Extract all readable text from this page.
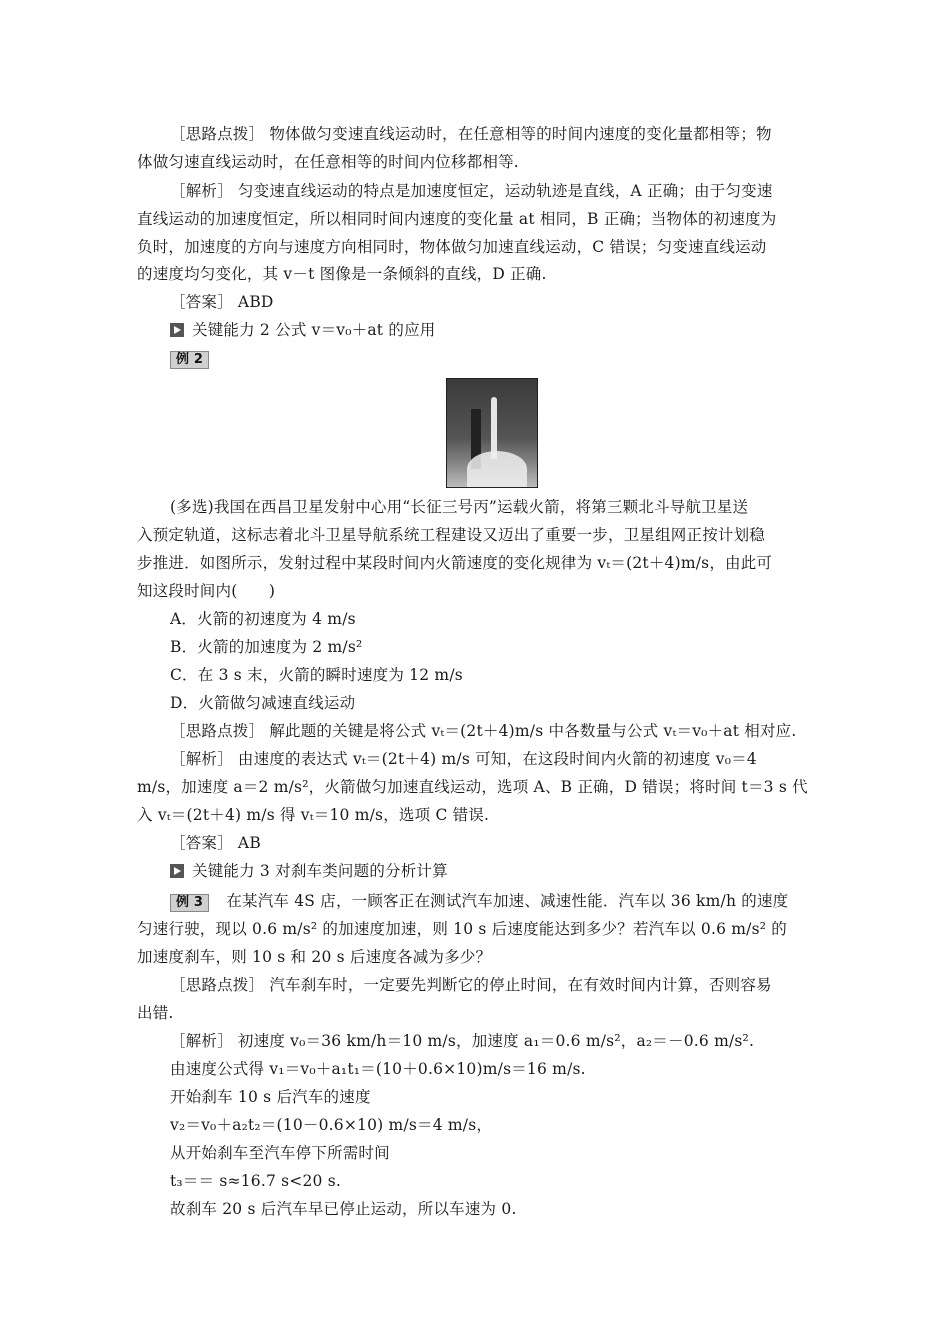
［思路点拨］ 物体做匀变速直线运动时，在任意相等的时间内速度的变化量都相等；物
体做匀速直线运动时，在任意相等的时间内位移都相等.
［解析］ 匀变速直线运动的特点是加速度恒定，运动轨迹是直线，A 正确；由于匀变速
直线运动的加速度恒定，所以相同时间内速度的变化量 at 相同，B 正确；当物体的初速度为
负时，加速度的方向与速度方向相同时，物体做匀加速直线运动，C 错误；匀变速直线运动
的速度均匀变化，其 v－t 图像是一条倾斜的直线，D 正确.
［答案］ ABD
关键能力 2 公式 v＝v₀＋at 的应用
例 2
(多选)我国在西昌卫星发射中心用“长征三号丙”运载火箭，将第三颗北斗导航卫星送
入预定轨道，这标志着北斗卫星导航系统工程建设又迈出了重要一步，卫星组网正按计划稳
步推进．如图所示，发射过程中某段时间内火箭速度的变化规律为 vₜ＝(2t＋4)m/s，由此可
知这段时间内(　　)
A．火箭的初速度为 4 m/s
B．火箭的加速度为 2 m/s²
C．在 3 s 末，火箭的瞬时速度为 12 m/s
D．火箭做匀减速直线运动
［思路点拨］ 解此题的关键是将公式 vₜ＝(2t＋4)m/s 中各数量与公式 vₜ＝v₀＋at 相对应.
［解析］ 由速度的表达式 vₜ＝(2t＋4) m/s 可知，在这段时间内火箭的初速度 v₀＝4
m/s，加速度 a＝2 m/s²，火箭做匀加速直线运动，选项 A、B 正确，D 错误；将时间 t＝3 s 代
入 vₜ＝(2t＋4) m/s 得 vₜ＝10 m/s，选项 C 错误.
［答案］ AB
关键能力 3 对刹车类问题的分析计算
例 3 在某汽车 4S 店，一顾客正在测试汽车加速、减速性能．汽车以 36 km/h 的速度
匀速行驶，现以 0.6 m/s² 的加速度加速，则 10 s 后速度能达到多少？若汽车以 0.6 m/s² 的
加速度刹车，则 10 s 和 20 s 后速度各减为多少？
［思路点拨］ 汽车刹车时，一定要先判断它的停止时间，在有效时间内计算，否则容易
出错.
［解析］ 初速度 v₀＝36 km/h＝10 m/s，加速度 a₁＝0.6 m/s²，a₂＝－0.6 m/s².
由速度公式得 v₁＝v₀＋a₁t₁＝(10＋0.6×10)m/s＝16 m/s.
开始刹车 10 s 后汽车的速度
v₂＝v₀＋a₂t₂＝(10－0.6×10) m/s＝4 m/s，
从开始刹车至汽车停下所需时间
t₃＝＝ s≈16.7 s<20 s.
故刹车 20 s 后汽车早已停止运动，所以车速为 0.
